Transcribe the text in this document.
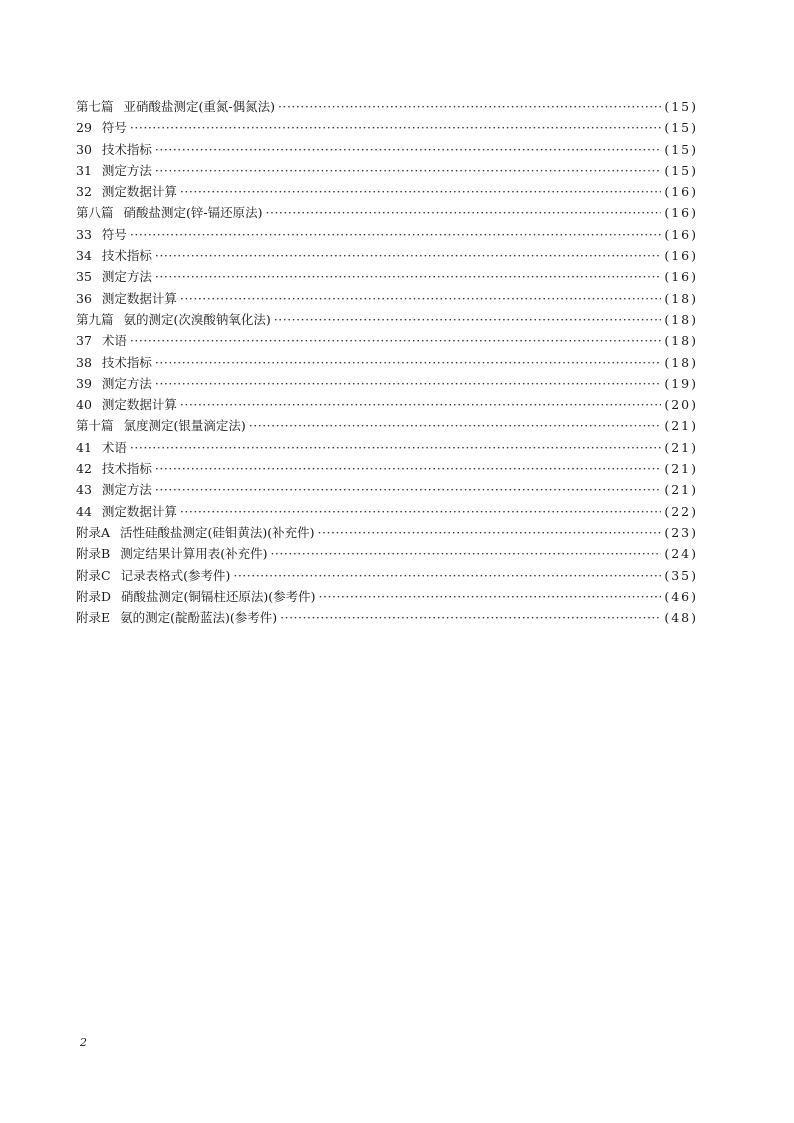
第七篇 亚硝酸盐测定(重氮-偶氮法) ·····	(15)
29 符号 ·····	(15)
30 技术指标 ·····	(15)
31 测定方法 ·····	(15)
32 测定数据计算 ·····	(16)
第八篇 硝酸盐测定(锌-镉还原法) ·····	(16)
33 符号 ·····	(16)
34 技术指标 ·····	(16)
35 测定方法 ·····	(16)
36 测定数据计算 ·····	(18)
第九篇 氨的测定(次溴酸钠氧化法) ·····	(18)
37 术语 ·····	(18)
38 技术指标 ·····	(18)
39 测定方法 ·····	(19)
40 测定数据计算 ·····	(20)
第十篇 氯度测定(银量滴定法) ·····	(21)
41 术语 ·····	(21)
42 技术指标 ·····	(21)
43 测定方法 ·····	(21)
44 测定数据计算 ·····	(22)
附录A 活性硅酸盐测定(硅钼黄法)(补充件) ·····	(23)
附录B 测定结果计算用表(补充件) ·····	(24)
附录C 记录表格式(参考件) ·····	(35)
附录D 硝酸盐测定(铜镉柱还原法)(参考件) ·····	(46)
附录E 氨的测定(靛酚蓝法)(参考件) ·····	(48)
2
